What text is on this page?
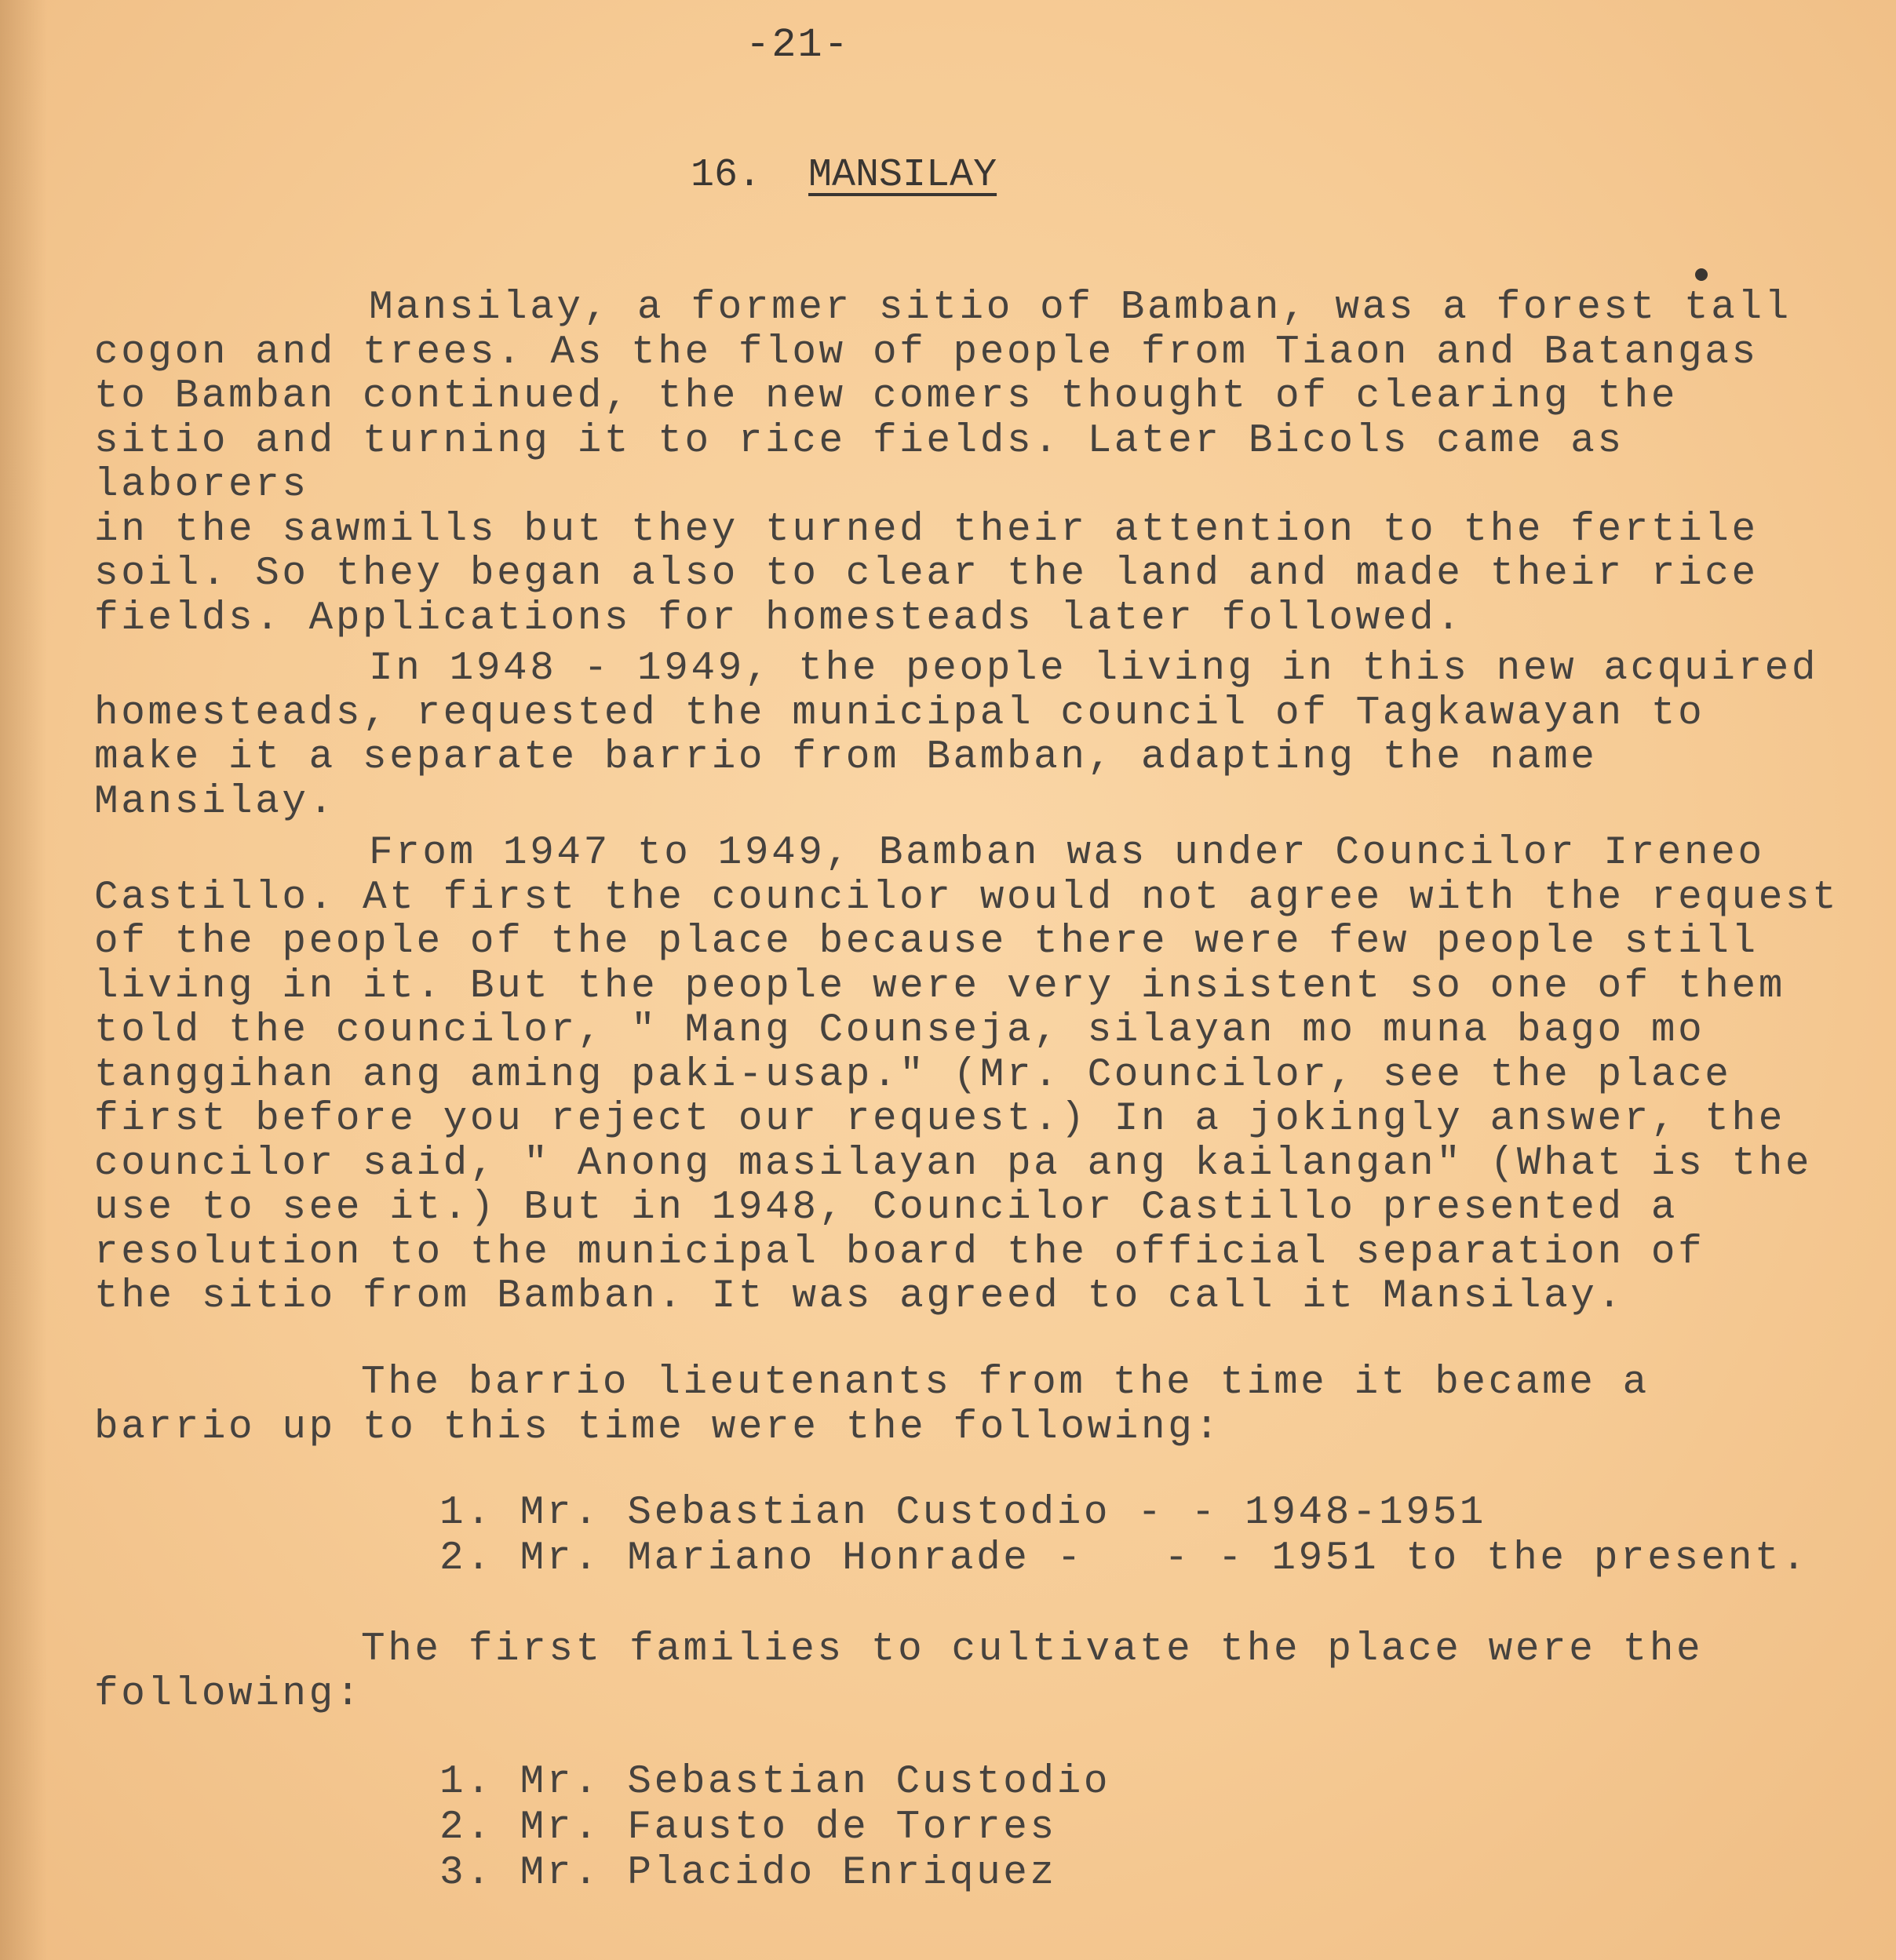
-21-
16. MANSILAY

Mansilay, a former sitio of Bamban, was a forest tall
cogon and trees. As the flow of people from Tiaon and Batangas
to Bamban continued, the new comers thought of clearing the
sitio and turning it to rice fields. Later Bicols came as laborers
in the sawmills but they turned their attention to the fertile
soil. So they began also to clear the land and made their rice
fields. Applications for homesteads later followed.

In 1948 - 1949, the people living in this new acquired
homesteads, requested the municipal council of Tagkawayan to
make it a separate barrio from Bamban, adapting the name Mansilay.

From 1947 to 1949, Bamban was under Councilor Ireneo
Castillo. At first the councilor would not agree with the request
of the people of the place because there were few people still
living in it. But the people were very insistent so one of them
told the councilor, " Mang Counseja, silayan mo muna bago mo
tanggihan ang aming paki-usap." (Mr. Councilor, see the place
first before you reject our request.) In a jokingly answer, the
councilor said, " Anong masilayan pa ang kailangan" (What is the
use to see it.) But in 1948, Councilor Castillo presented a
resolution to the municipal board the official separation of
the sitio from Bamban. It was agreed to call it Mansilay.

The barrio lieutenants from the time it became a
barrio up to this time were the following:

1. Mr. Sebastian Custodio - - 1948-1951
2. Mr. Mariano Honrade -   - - 1951 to the present.

The first families to cultivate the place were the
following:

1. Mr. Sebastian Custodio
2. Mr. Fausto de Torres
3. Mr. Placido Enriquez
